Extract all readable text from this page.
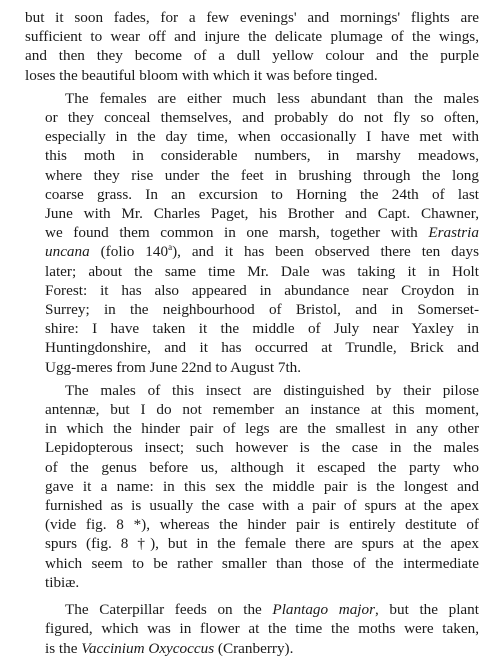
but it soon fades, for a few evenings' and mornings' flights are
sufficient to wear off and injure the delicate plumage of the wings,
and then they become of a dull yellow colour and the purple
loses the beautiful bloom with which it was before tinged.

The females are either much less abundant than the males
or they conceal themselves, and probably do not fly so often,
especially in the day time, when occasionally I have met with
this moth in considerable numbers, in marshy meadows,
where they rise under the feet in brushing through the long
coarse grass. In an excursion to Horning the 24th of last
June with Mr. Charles Paget, his Brother and Capt. Chawner,
we found them common in one marsh, together with Erastria
uncana (folio 140$^a$), and it has been observed there ten days
later; about the same time Mr. Dale was taking it in Holt
Forest: it has also appeared in abundance near Croydon in
Surrey; in the neighbourhood of Bristol, and in Somerset-
shire: I have taken it the middle of July near Yaxley in
Huntingdonshire, and it has occurred at Trundle, Brick and
Ugg-meres from June 22nd to August 7th.

The males of this insect are distinguished by their pilose
antennæ, but I do not remember an instance at this moment,
in which the hinder pair of legs are the smallest in any other
Lepidopterous insect; such however is the case in the males
of the genus before us, although it escaped the party who
gave it a name: in this sex the middle pair is the longest and
furnished as is usually the case with a pair of spurs at the apex
(vide fig. 8 *), whereas the hinder pair is entirely destitute of
spurs (fig. 8 †), but in the female there are spurs at the apex
which seem to be rather smaller than those of the intermediate
tibiæ.

The Caterpillar feeds on the Plantago major, but the plant
figured, which was in flower at the time the moths were taken,
is the Vaccinium Oxycoccus (Cranberry).
